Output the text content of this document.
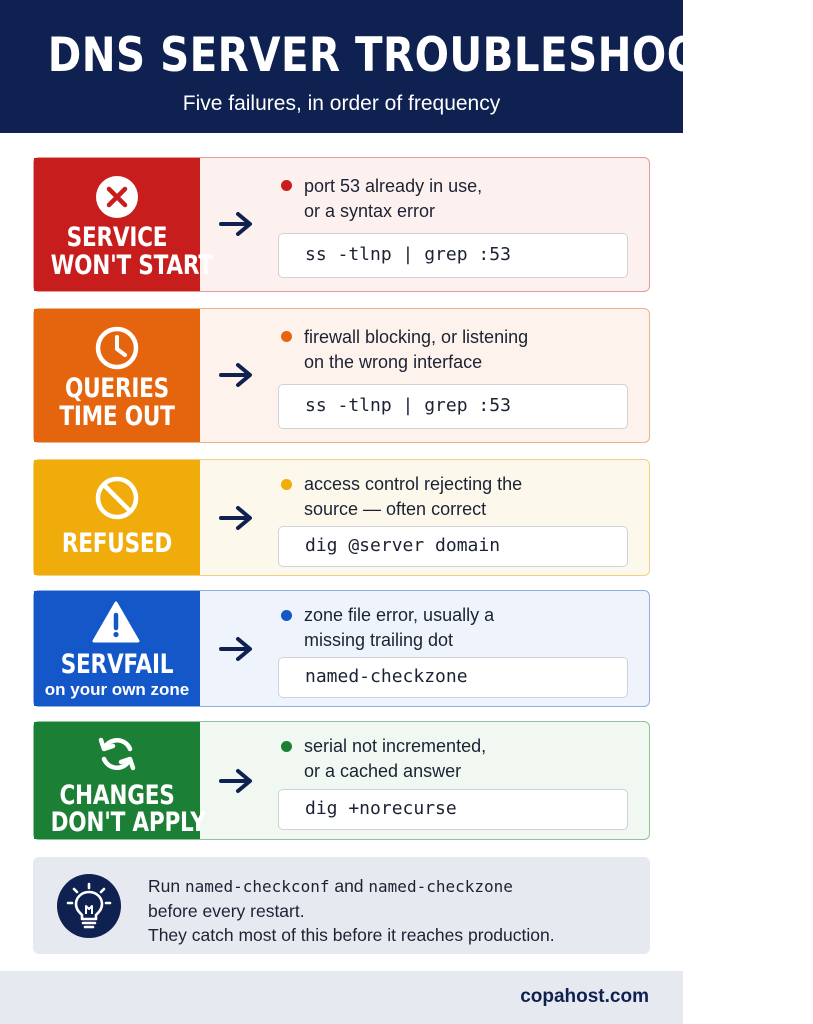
DNS SERVER TROUBLESHOOTING
Five failures, in order of frequency
SERVICE
WON'T START
port 53 already in use,
or a syntax error
ss -tlnp | grep :53
QUERIES
TIME OUT
firewall blocking, or listening
on the wrong interface
ss -tlnp | grep :53
REFUSED
access control rejecting the
source — often correct
dig @server domain
SERVFAIL
on your own zone
zone file error, usually a
missing trailing dot
named-checkzone
CHANGES
DON'T APPLY
serial not incremented,
or a cached answer
dig +norecurse
Run named-checkconf and named-checkzone
before every restart.
They catch most of this before it reaches production.
copahost.com
